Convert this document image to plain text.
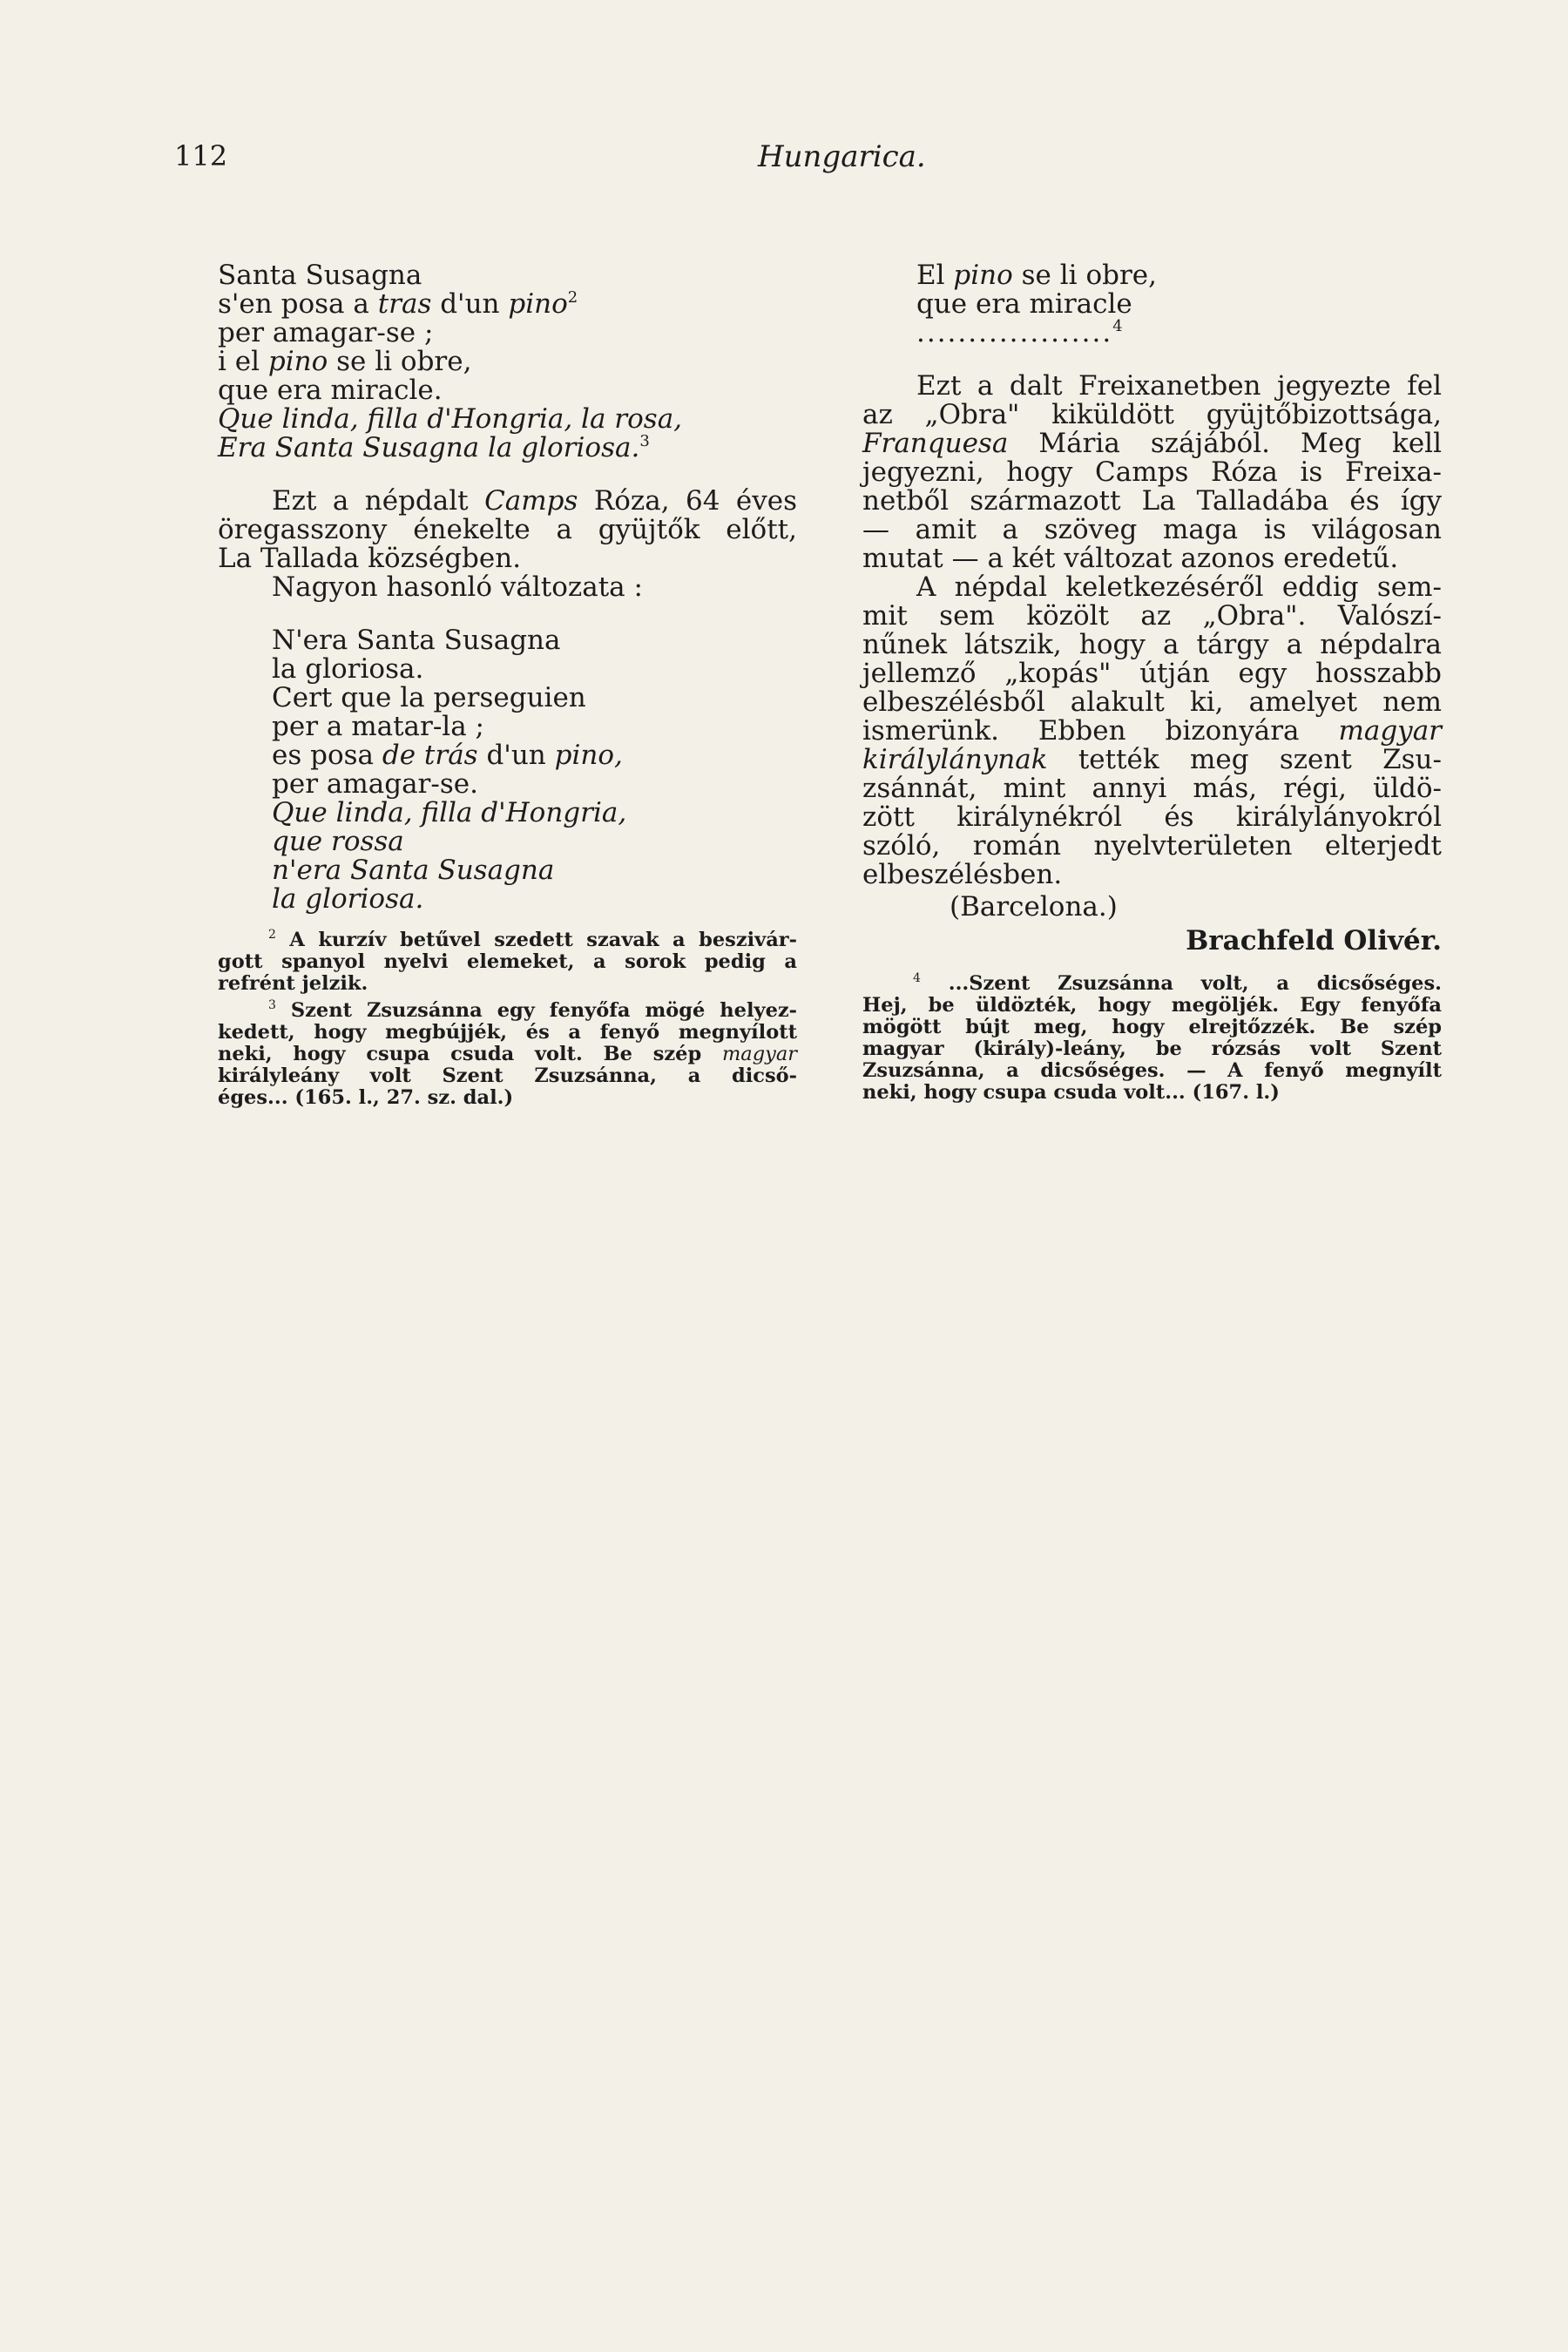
112	Hungarica.
Santa Susagna
s'en posa a tras d'un pino$^2$
per amagar-se ;
i el pino se li obre,
que era miracle.
Que linda, filla d'Hongria, la rosa,
Era Santa Susagna la gloriosa.$^3$
Ezt a népdalt Camps Róza, 64 éves
öregasszony énekelte a gyüjtők előtt,
La Tallada községben.
Nagyon hasonló változata :
N'era Santa Susagna
la gloriosa.
Cert que la perseguien
per a matar-la ;
es posa de trás d'un pino,
per amagar-se.
Que linda, filla d'Hongria,
que rossa
n'era Santa Susagna
la gloriosa.
$^2$ A kurzív betűvel szedett szavak a beszivár-
gott spanyol nyelvi elemeket, a sorok pedig a
refrént jelzik.
$^3$ Szent Zsuzsánna egy fenyőfa mögé helyez-
kedett, hogy megbújjék, és a fenyő megnyílott
neki, hogy csupa csuda volt. Be szép magyar
királyleány volt Szent Zsuzsánna, a dicső-
éges... (165. l., 27. sz. dal.)
El pino se li obre,
que era miracle
...................$^4$
Ezt a dalt Freixanetben jegyezte fel
az „Obra" kiküldött gyüjtőbizottsága,
Franquesa Mária szájából. Meg kell
jegyezni, hogy Camps Róza is Freixa-
netből származott La Talladába és így
— amit a szöveg maga is világosan
mutat — a két változat azonos eredetű.
A népdal keletkezéséről eddig sem-
mit sem közölt az „Obra". Valószí-
nűnek látszik, hogy a tárgy a népdalra
jellemző „kopás" útján egy hosszabb
elbeszélésből alakult ki, amelyet nem
ismerünk. Ebben bizonyára magyar
királylánynak tették meg szent Zsu-
zsánnát, mint annyi más, régi, üldö-
zött királynékról és királylányokról
szóló, román nyelvterületen elterjedt
elbeszélésben.
(Barcelona.)
Brachfeld Olivér.
$^4$ ...Szent Zsuzsánna volt, a dicsőséges.
Hej, be üldözték, hogy megöljék. Egy fenyőfa
mögött bújt meg, hogy elrejtőzzék. Be szép
magyar (király)-leány, be rózsás volt Szent
Zsuzsánna, a dicsőséges. — A fenyő megnyílt
neki, hogy csupa csuda volt... (167. l.)
